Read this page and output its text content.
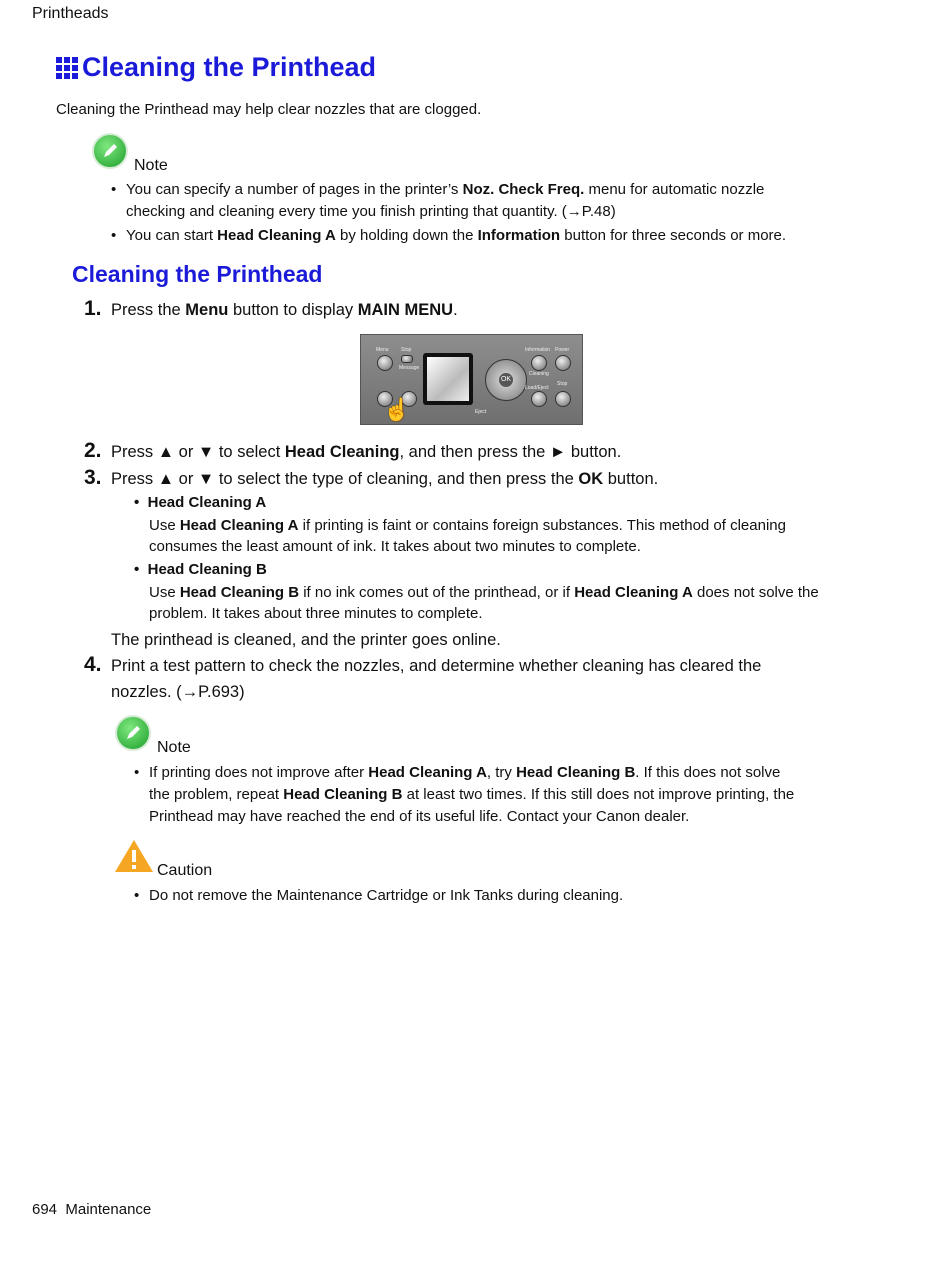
Printheads
Cleaning the Printhead
Cleaning the Printhead may help clear nozzles that are clogged.
Note
• You can specify a number of pages in the printer’s Noz. Check Freq. menu for automatic nozzle
checking and cleaning every time you finish printing that quantity. (→P.48)
• You can start Head Cleaning A by holding down the Information button for three seconds or more.
Cleaning the Printhead
1. Press the Menu button to display MAIN MENU.
OK
Menu Stop
Message
Information Power
Cleaning
Load/Eject
Stop
Eject
☝
2. Press ▲ or ▼ to select Head Cleaning, and then press the ► button.
3. Press ▲ or ▼ to select the type of cleaning, and then press the OK button.
• Head Cleaning A
Use Head Cleaning A if printing is faint or contains foreign substances. This method of cleaning
consumes the least amount of ink. It takes about two minutes to complete.
• Head Cleaning B
Use Head Cleaning B if no ink comes out of the printhead, or if Head Cleaning A does not solve the
problem. It takes about three minutes to complete.
The printhead is cleaned, and the printer goes online.
4. Print a test pattern to check the nozzles, and determine whether cleaning has cleared the
nozzles. (→P.693)
Note
• If printing does not improve after Head Cleaning A, try Head Cleaning B. If this does not solve
the problem, repeat Head Cleaning B at least two times. If this still does not improve printing, the
Printhead may have reached the end of its useful life. Contact your Canon dealer.
Caution
• Do not remove the Maintenance Cartridge or Ink Tanks during cleaning.
694 Maintenance
